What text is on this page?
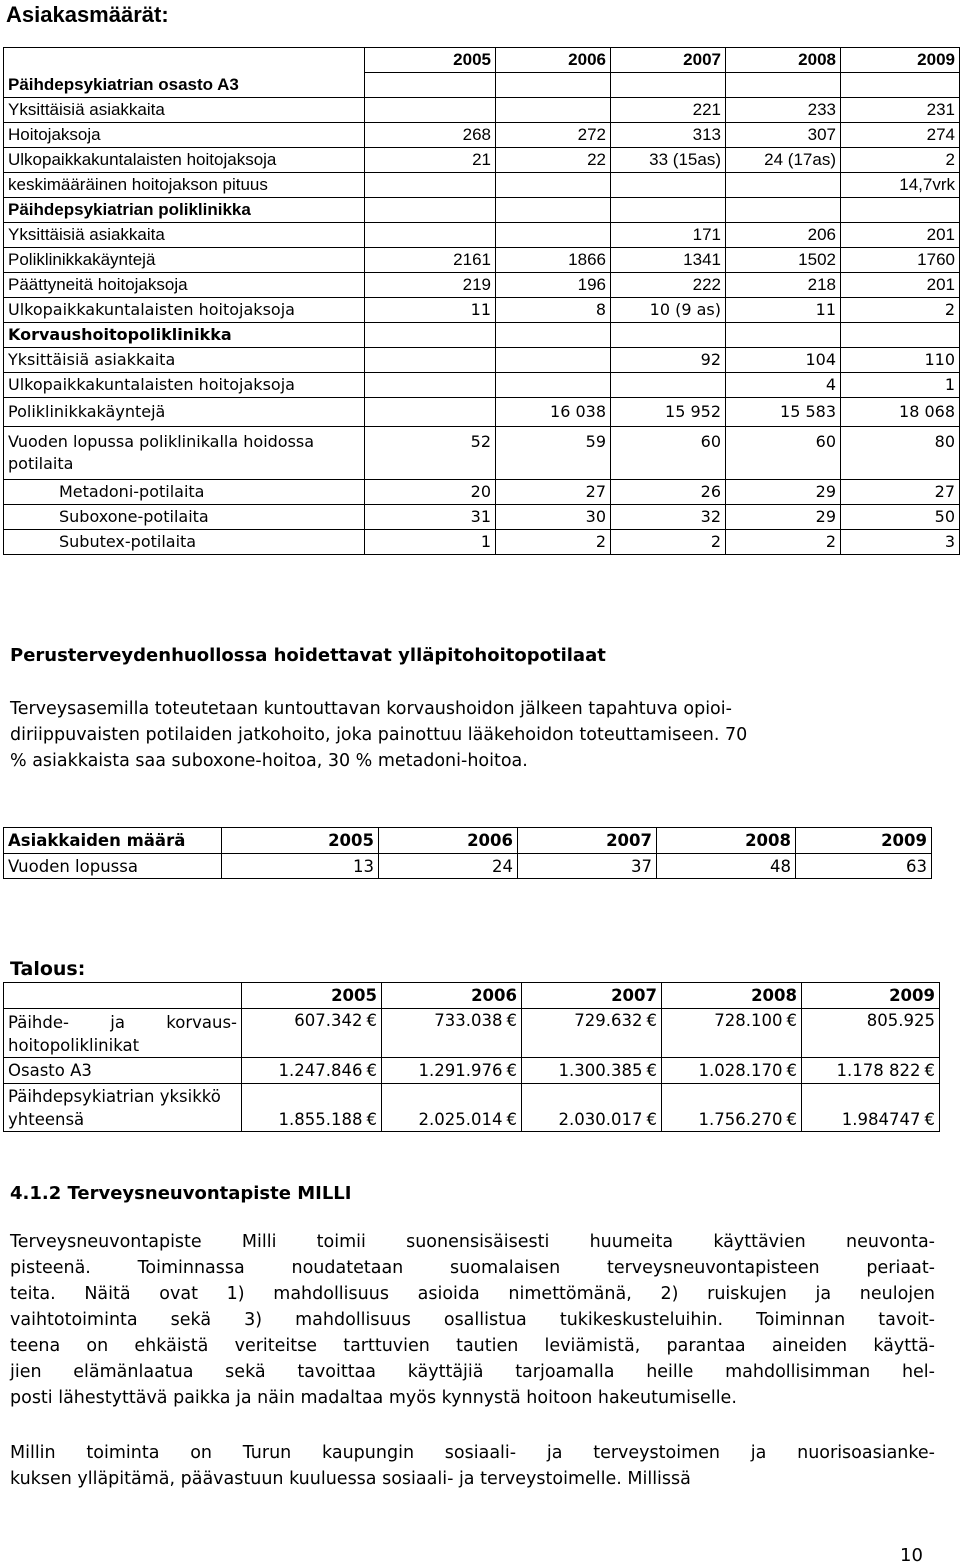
Asiakasmäärät:
	2005	2006	2007	2008	2009
Päihdepsykiatrian osasto A3					
Yksittäisiä asiakkaita			221	233	231
Hoitojaksoja	268	272	313	307	274
Ulkopaikkakuntalaisten hoitojaksoja	21	22	33 (15as)	24 (17as)	2
keskimääräinen hoitojakson pituus					14,7vrk
Päihdepsykiatrian poliklinikka					
Yksittäisiä asiakkaita			171	206	201
Poliklinikkakäyntejä	2161	1866	1341	1502	1760
Päättyneitä hoitojaksoja	219	196	222	218	201
Ulkopaikkakuntalaisten hoitojaksoja	11	8	10 (9 as)	11	2
Korvaushoitopoliklinikka					
Yksittäisiä asiakkaita			92	104	110
Ulkopaikkakuntalaisten hoitojaksoja				4	1
Poliklinikkakäyntejä		16 038	15 952	15 583	18 068
Vuoden lopussa poliklinikalla hoidossa potilaita	52	59	60	60	80
Metadoni-potilaita	20	27	26	29	27
Suboxone-potilaita	31	30	32	29	50
Subutex-potilaita	1	2	2	2	3
Perusterveydenhuollossa hoidettavat ylläpitohoitopotilaat
Terveysasemilla toteutetaan kuntouttavan korvaushoidon jälkeen tapahtuva opioi-
diriippuvaisten potilaiden jatkohoito, joka painottuu lääkehoidon toteuttamiseen. 70
% asiakkaista saa suboxone-hoitoa, 30 % metadoni-hoitoa.
Asiakkaiden määrä	2005	2006	2007	2008	2009
Vuoden lopussa	13	24	37	48	63
Talous:
	2005	2006	2007	2008	2009
Päihde- ja korvaus-hoitopoliklinikat	607.342 €	733.038 €	729.632 €	728.100 €	805.925
Osasto A3	1.247.846 €	1.291.976 €	1.300.385 €	1.028.170 €	1.178 822 €
Päihdepsykiatrian yksikkö yhteensä	1.855.188 €	2.025.014 €	2.030.017 €	1.756.270 €	1.984747 €
4.1.2 Terveysneuvontapiste MILLI
Terveysneuvontapiste Milli toimii suonensisäisesti huumeita käyttävien neuvonta-
pisteenä. Toiminnassa noudatetaan suomalaisen terveysneuvontapisteen periaat-
teita. Näitä ovat 1) mahdollisuus asioida nimettömänä, 2) ruiskujen ja neulojen
vaihtotoiminta sekä 3) mahdollisuus osallistua tukikeskusteluihin. Toiminnan tavoit-
teena on ehkäistä veriteitse tarttuvien tautien leviämistä, parantaa aineiden käyttä-
jien elämänlaatua sekä tavoittaa käyttäjiä tarjoamalla heille mahdollisimman hel-
posti lähestyttävä paikka ja näin madaltaa myös kynnystä hoitoon hakeutumiselle.
Millin toiminta on Turun kaupungin sosiaali- ja terveystoimen ja nuorisoasianke-
kuksen ylläpitämä, päävastuun kuuluessa sosiaali- ja terveystoimelle. Millissä
10
